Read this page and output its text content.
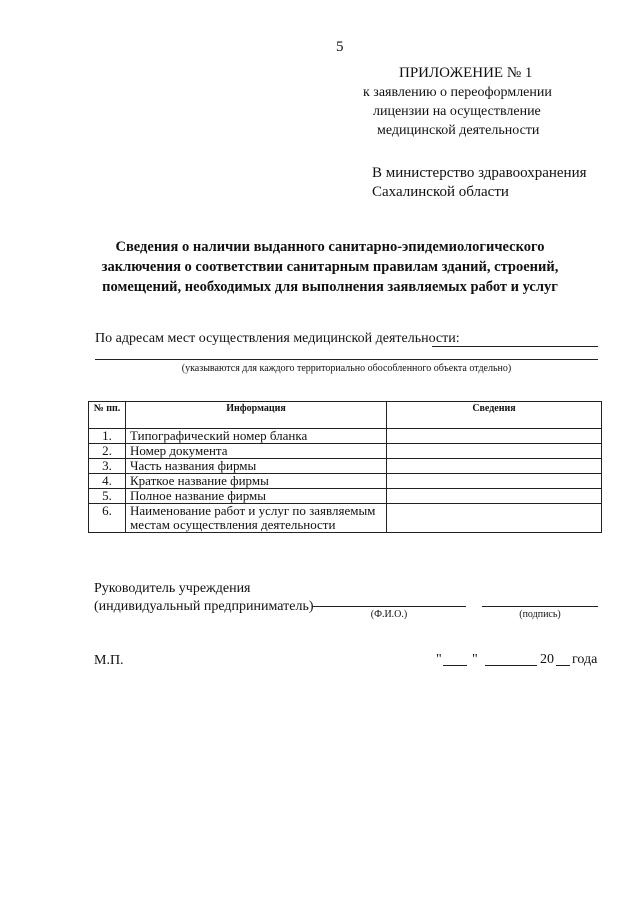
5
ПРИЛОЖЕНИЕ № 1
к заявлению о переоформлении
лицензии на осуществление
медицинской деятельности
В министерство здравоохранения
Сахалинской области
Сведения о наличии выданного санитарно-эпидемиологического
заключения о соответствии санитарным правилам зданий, строений,
помещений, необходимых для выполнения заявляемых работ и услуг
По адресам мест осуществления медицинской деятельности:
(указываются для каждого территориально обособленного объекта отдельно)
№ пп.	Информация	Сведения
1.	Типографический номер бланка	
2.	Номер документа	
3.	Часть названия фирмы	
4.	Краткое название фирмы	
5.	Полное название фирмы	
6.	Наименование работ и услуг по заявляемым местам осуществления деятельности	
Руководитель учреждения
(индивидуальный предприниматель)
(Ф.И.О.)	(подпись)
М.П.	" "	20 года
